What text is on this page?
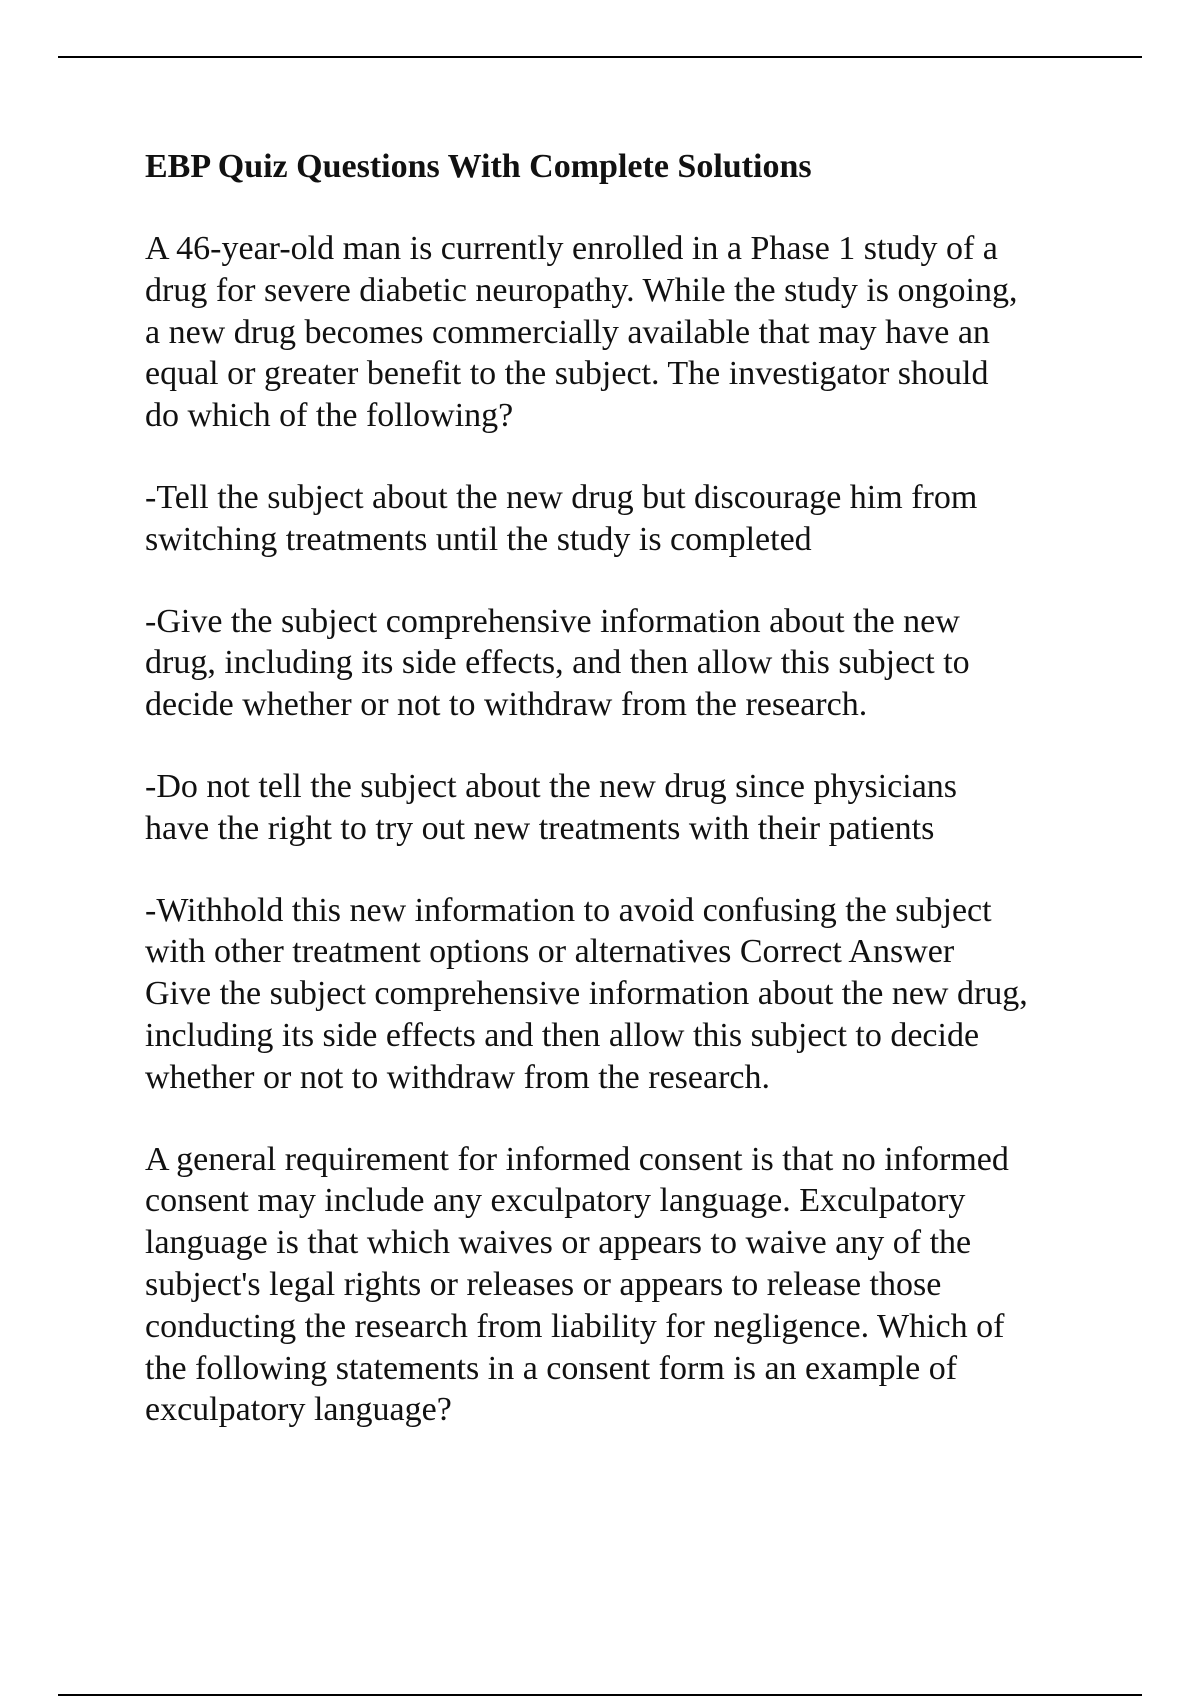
EBP Quiz Questions With Complete Solutions

A 46-year-old man is currently enrolled in a Phase 1 study of a
drug for severe diabetic neuropathy. While the study is ongoing,
a new drug becomes commercially available that may have an
equal or greater benefit to the subject. The investigator should
do which of the following?

-Tell the subject about the new drug but discourage him from
switching treatments until the study is completed

-Give the subject comprehensive information about the new
drug, including its side effects, and then allow this subject to
decide whether or not to withdraw from the research.

-Do not tell the subject about the new drug since physicians
have the right to try out new treatments with their patients

-Withhold this new information to avoid confusing the subject
with other treatment options or alternatives Correct Answer
Give the subject comprehensive information about the new drug,
including its side effects and then allow this subject to decide
whether or not to withdraw from the research.

A general requirement for informed consent is that no informed
consent may include any exculpatory language. Exculpatory
language is that which waives or appears to waive any of the
subject's legal rights or releases or appears to release those
conducting the research from liability for negligence. Which of
the following statements in a consent form is an example of
exculpatory language?
